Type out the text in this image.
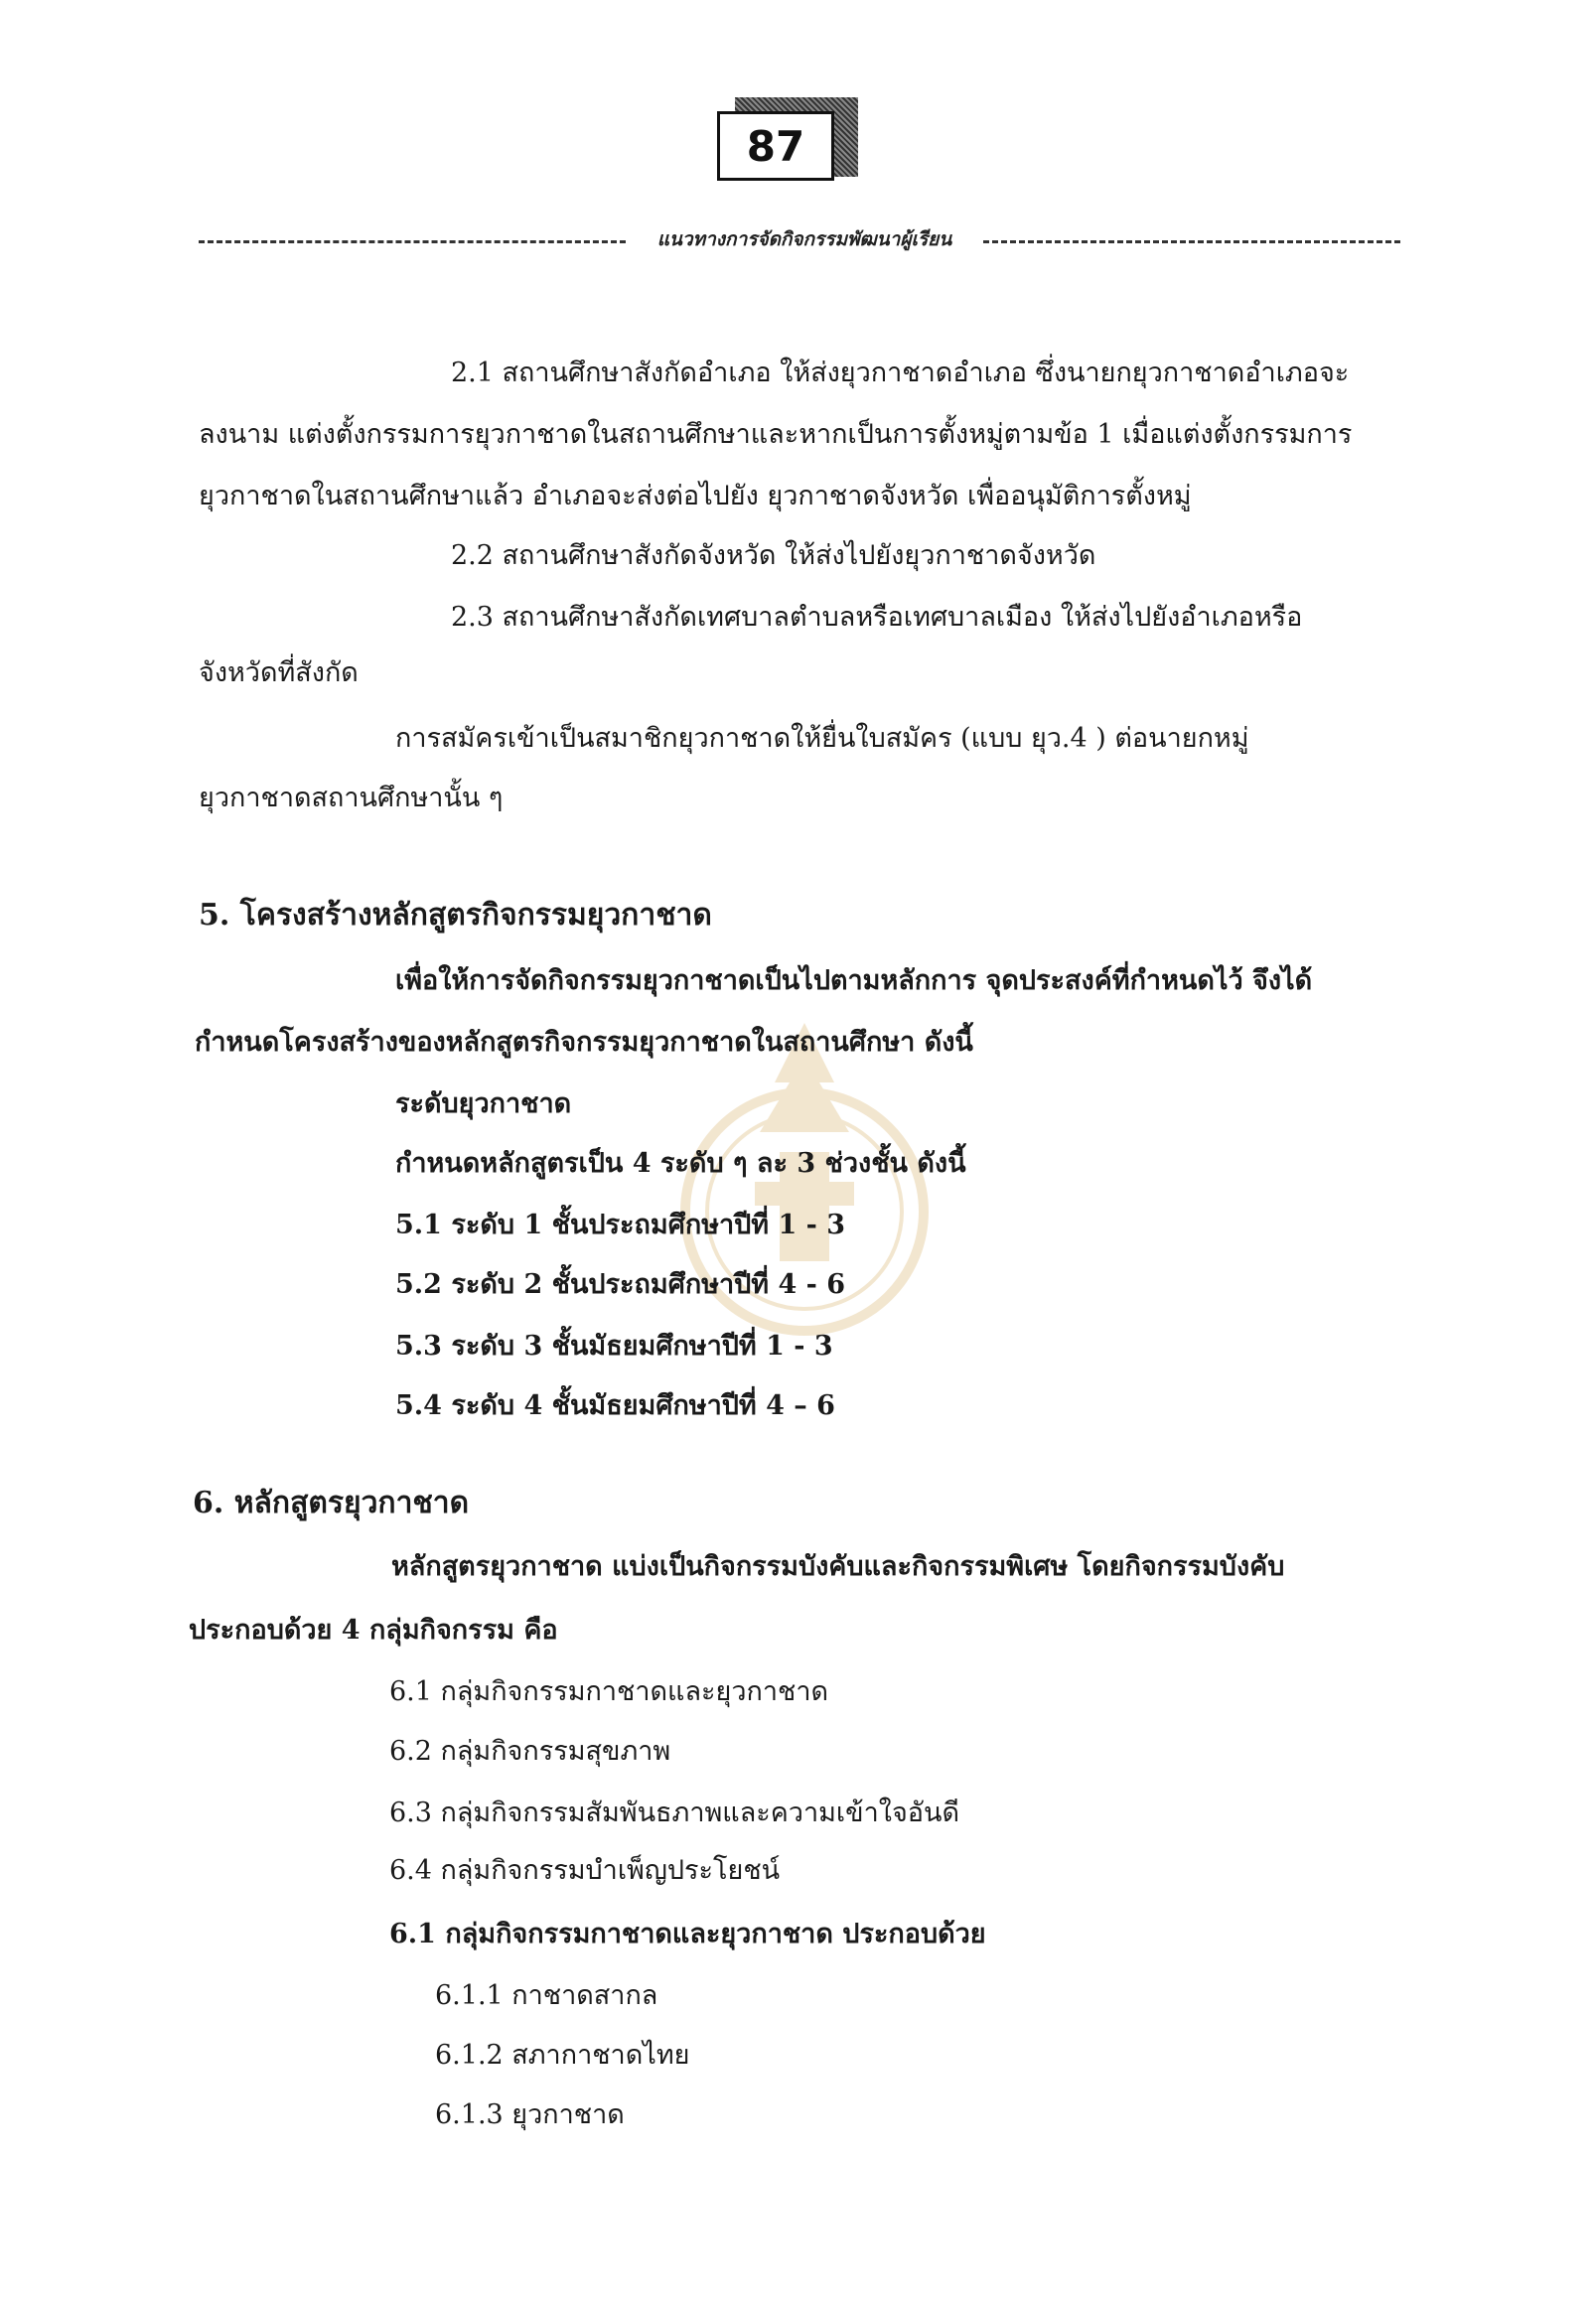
87
แนวทางการจัดกิจกรรมพัฒนาผู้เรียน
2.1 สถานศึกษาสังกัดอำเภอ ให้ส่งยุวกาชาดอำเภอ ซึ่งนายกยุวกาชาดอำเภอจะ
ลงนาม แต่งตั้งกรรมการยุวกาชาดในสถานศึกษาและหากเป็นการตั้งหมู่ตามข้อ 1 เมื่อแต่งตั้งกรรมการ
ยุวกาชาดในสถานศึกษาแล้ว อำเภอจะส่งต่อไปยัง ยุวกาชาดจังหวัด เพื่ออนุมัติการตั้งหมู่
2.2 สถานศึกษาสังกัดจังหวัด ให้ส่งไปยังยุวกาชาดจังหวัด
2.3 สถานศึกษาสังกัดเทศบาลตำบลหรือเทศบาลเมือง ให้ส่งไปยังอำเภอหรือ
จังหวัดที่สังกัด
การสมัครเข้าเป็นสมาชิกยุวกาชาดให้ยื่นใบสมัคร (แบบ ยุว.4 ) ต่อนายกหมู่
ยุวกาชาดสถานศึกษานั้น ๆ
5. โครงสร้างหลักสูตรกิจกรรมยุวกาชาด
เพื่อให้การจัดกิจกรรมยุวกาชาดเป็นไปตามหลักการ จุดประสงค์ที่กำหนดไว้ จึงได้
กำหนดโครงสร้างของหลักสูตรกิจกรรมยุวกาชาดในสถานศึกษา ดังนี้
ระดับยุวกาชาด
กำหนดหลักสูตรเป็น 4 ระดับ ๆ ละ 3 ช่วงชั้น ดังนี้
5.1 ระดับ 1 ชั้นประถมศึกษาปีที่ 1 - 3
5.2 ระดับ 2 ชั้นประถมศึกษาปีที่ 4 - 6
5.3 ระดับ 3 ชั้นมัธยมศึกษาปีที่ 1 - 3
5.4 ระดับ 4 ชั้นมัธยมศึกษาปีที่ 4 – 6
6. หลักสูตรยุวกาชาด
หลักสูตรยุวกาชาด แบ่งเป็นกิจกรรมบังคับและกิจกรรมพิเศษ โดยกิจกรรมบังคับ
ประกอบด้วย 4 กลุ่มกิจกรรม คือ
6.1 กลุ่มกิจกรรมกาชาดและยุวกาชาด
6.2 กลุ่มกิจกรรมสุขภาพ
6.3 กลุ่มกิจกรรมสัมพันธภาพและความเข้าใจอันดี
6.4 กลุ่มกิจกรรมบำเพ็ญประโยชน์
6.1 กลุ่มกิจกรรมกาชาดและยุวกาชาด ประกอบด้วย
6.1.1 กาชาดสากล
6.1.2 สภากาชาดไทย
6.1.3 ยุวกาชาด
